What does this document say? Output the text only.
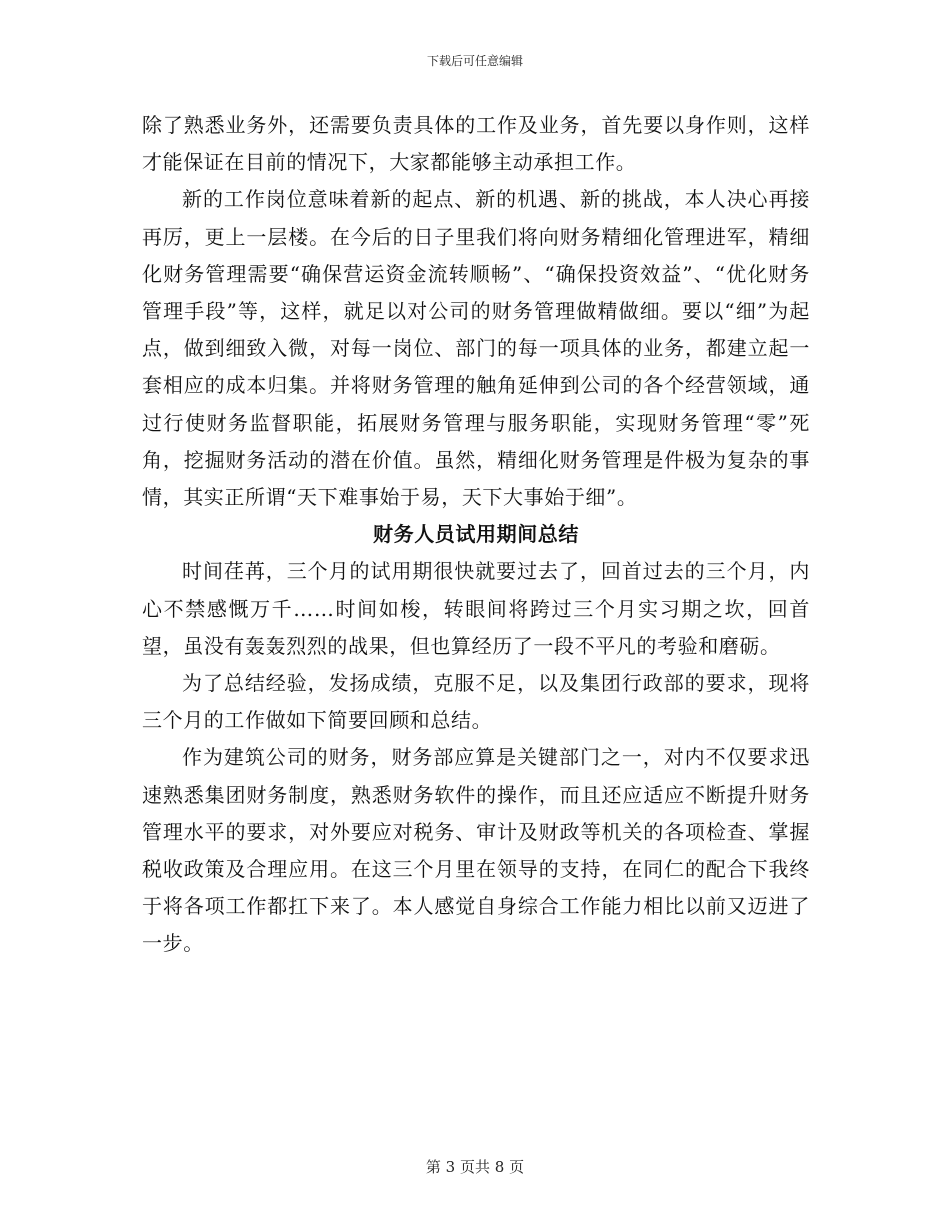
下载后可任意编辑

除了熟悉业务外，还需要负责具体的工作及业务，首先要以身作则，这样才能保证在目前的情况下，大家都能够主动承担工作。

新的工作岗位意味着新的起点、新的机遇、新的挑战，本人决心再接再厉，更上一层楼。在今后的日子里我们将向财务精细化管理进军，精细化财务管理需要“确保营运资金流转顺畅”、“确保投资效益”、“优化财务管理手段”等，这样，就足以对公司的财务管理做精做细。要以“细”为起点，做到细致入微，对每一岗位、部门的每一项具体的业务，都建立起一套相应的成本归集。并将财务管理的触角延伸到公司的各个经营领域，通过行使财务监督职能，拓展财务管理与服务职能，实现财务管理“零”死角，挖掘财务活动的潜在价值。虽然，精细化财务管理是件极为复杂的事情，其实正所谓“天下难事始于易，天下大事始于细”。

财务人员试用期间总结

时间荏苒，三个月的试用期很快就要过去了，回首过去的三个月，内心不禁感慨万千……时间如梭，转眼间将跨过三个月实习期之坎，回首望，虽没有轰轰烈烈的战果，但也算经历了一段不平凡的考验和磨砺。

为了总结经验，发扬成绩，克服不足，以及集团行政部的要求，现将三个月的工作做如下简要回顾和总结。

作为建筑公司的财务，财务部应算是关键部门之一，对内不仅要求迅速熟悉集团财务制度，熟悉财务软件的操作，而且还应适应不断提升财务管理水平的要求，对外要应对税务、审计及财政等机关的各项检查、掌握税收政策及合理应用。在这三个月里在领导的支持，在同仁的配合下我终于将各项工作都扛下来了。本人感觉自身综合工作能力相比以前又迈进了一步。

第 3 页共 8 页
